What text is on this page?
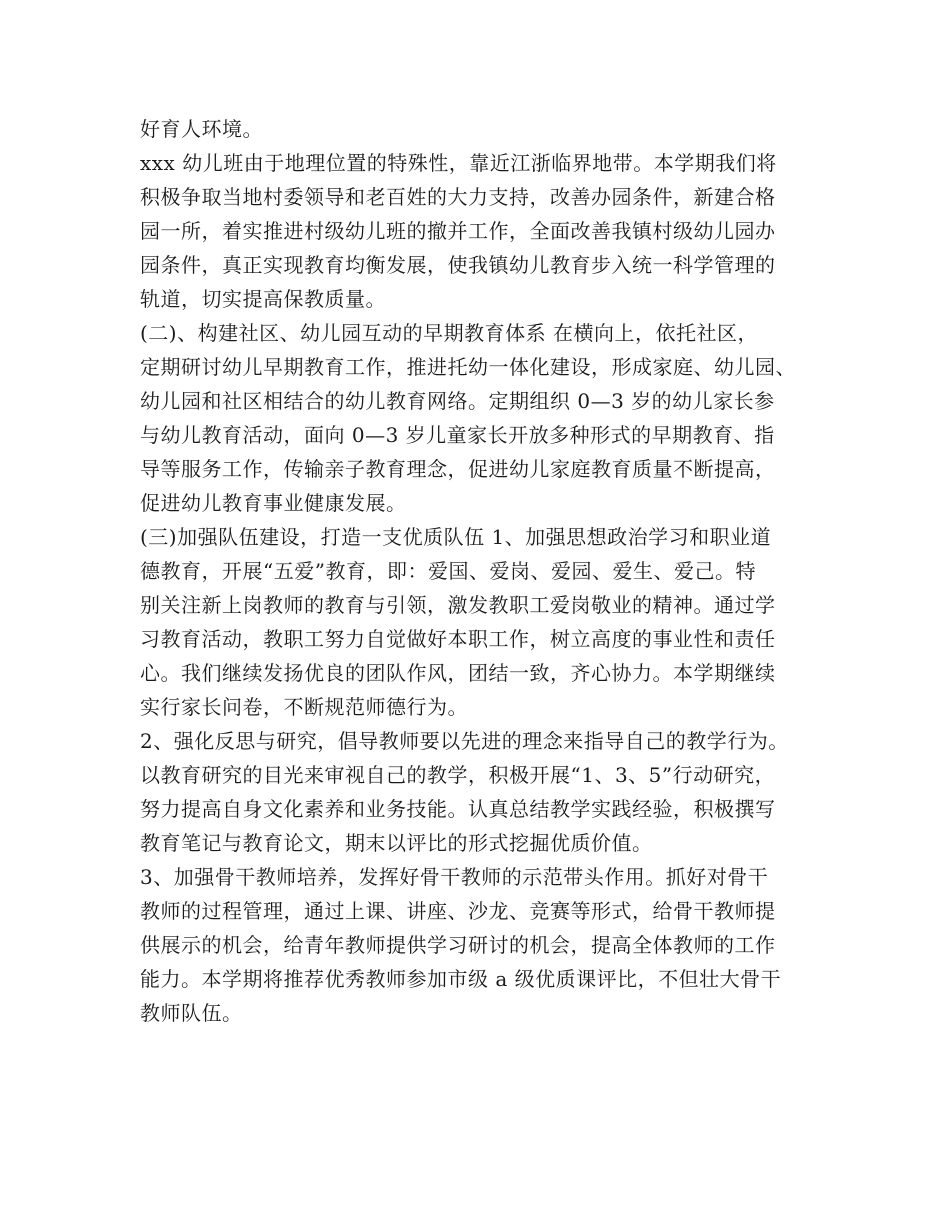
好育人环境。
xxx 幼儿班由于地理位置的特殊性，靠近江浙临界地带。本学期我们将
积极争取当地村委领导和老百姓的大力支持，改善办园条件，新建合格
园一所，着实推进村级幼儿班的撤并工作，全面改善我镇村级幼儿园办
园条件，真正实现教育均衡发展，使我镇幼儿教育步入统一科学管理的
轨道，切实提高保教质量。
(二)、构建社区、幼儿园互动的早期教育体系 在横向上，依托社区，
定期研讨幼儿早期教育工作，推进托幼一体化建设，形成家庭、幼儿园、
幼儿园和社区相结合的幼儿教育网络。定期组织 0—3 岁的幼儿家长参
与幼儿教育活动，面向 0—3 岁儿童家长开放多种形式的早期教育、指
导等服务工作，传输亲子教育理念，促进幼儿家庭教育质量不断提高，
促进幼儿教育事业健康发展。
(三)加强队伍建设，打造一支优质队伍 1、加强思想政治学习和职业道
德教育，开展“五爱”教育，即：爱国、爱岗、爱园、爱生、爱己。特
别关注新上岗教师的教育与引领，激发教职工爱岗敬业的精神。通过学
习教育活动，教职工努力自觉做好本职工作，树立高度的事业性和责任
心。我们继续发扬优良的团队作风，团结一致，齐心协力。本学期继续
实行家长问卷，不断规范师德行为。
2、强化反思与研究，倡导教师要以先进的理念来指导自己的教学行为。
以教育研究的目光来审视自己的教学，积极开展“1、3、5”行动研究，
努力提高自身文化素养和业务技能。认真总结教学实践经验，积极撰写
教育笔记与教育论文，期末以评比的形式挖掘优质价值。
3、加强骨干教师培养，发挥好骨干教师的示范带头作用。抓好对骨干
教师的过程管理，通过上课、讲座、沙龙、竞赛等形式，给骨干教师提
供展示的机会，给青年教师提供学习研讨的机会，提高全体教师的工作
能力。本学期将推荐优秀教师参加市级 a 级优质课评比，不但壮大骨干
教师队伍。
